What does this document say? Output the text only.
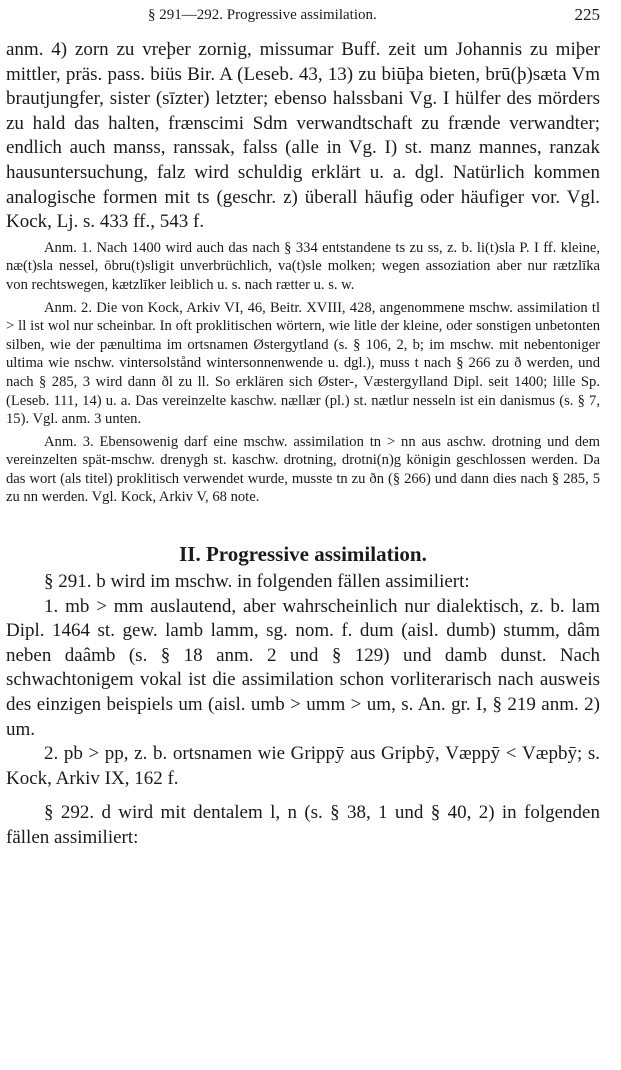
§ 291—292. Progressive assimilation.	225

anm. 4) zorn zu vreþer zornig, missumar Buff. zeit um Johannis zu miþer mittler, präs. pass. biüs Bir. A (Leseb. 43, 13) zu biūþa bieten, brū(þ)sæta Vm brautjungfer, sister (sīzter) letzter; ebenso halssbani Vg. I hülfer des mörders zu hald das halten, frænscimi Sdm verwandtschaft zu frænde verwandter; endlich auch manss, ranssak, falss (alle in Vg. I) st. manz mannes, ranzak hausuntersuchung, falz wird schuldig erklärt u. a. dgl. Natürlich kommen analogische formen mit ts (geschr. z) überall häufig oder häufiger vor. Vgl. Kock, Lj. s. 433 ff., 543 f.

Anm. 1. Nach 1400 wird auch das nach § 334 entstandene ts zu ss, z. b. li(t)sla P. I ff. kleine, næ(t)sla nessel, ōbru(t)sligit unverbrüchlich, va(t)sle molken; wegen assoziation aber nur rætzlīka von rechtswegen, kætzlīker leiblich u. s. nach rætter u. s. w.

Anm. 2. Die von Kock, Arkiv VI, 46, Beitr. XVIII, 428, angenommene mschw. assimilation tl > ll ist wol nur scheinbar. In oft proklitischen wörtern, wie litle der kleine, oder sonstigen unbetonten silben, wie der pænultima im ortsnamen Østergytland (s. § 106, 2, b; im mschw. mit nebentoniger ultima wie nschw. vintersolstånd wintersonnenwende u. dgl.), muss t nach § 266 zu ð werden, und nach § 285, 3 wird dann ðl zu ll. So erklären sich Øster-, Væstergylland Dipl. seit 1400; lille Sp. (Leseb. 111, 14) u. a. Das vereinzelte kaschw. nællær (pl.) st. nætlur nesseln ist ein danismus (s. § 7, 15). Vgl. anm. 3 unten.

Anm. 3. Ebensowenig darf eine mschw. assimilation tn > nn aus aschw. drotning und dem vereinzelten spät-mschw. drenygh st. kaschw. drotning, drotni(n)g königin geschlossen werden. Da das wort (als titel) proklitisch verwendet wurde, musste tn zu ðn (§ 266) und dann dies nach § 285, 5 zu nn werden. Vgl. Kock, Arkiv V, 68 note.

II. Progressive assimilation.

§ 291. b wird im mschw. in folgenden fällen assimiliert:

1. mb > mm auslautend, aber wahrscheinlich nur dialektisch, z. b. lam Dipl. 1464 st. gew. lamb lamm, sg. nom. f. dum (aisl. dumb) stumm, dâm neben daâmb (s. § 18 anm. 2 und § 129) und damb dunst. Nach schwachtonigem vokal ist die assimilation schon vorliterarisch nach ausweis des einzigen beispiels um (aisl. umb > umm > um, s. An. gr. I, § 219 anm. 2) um.

2. pb > pp, z. b. ortsnamen wie Grippӯ aus Gripbӯ, Væppӯ < Væpbӯ; s. Kock, Arkiv IX, 162 f.

§ 292. d wird mit dentalem l, n (s. § 38, 1 und § 40, 2) in folgenden fällen assimiliert:
